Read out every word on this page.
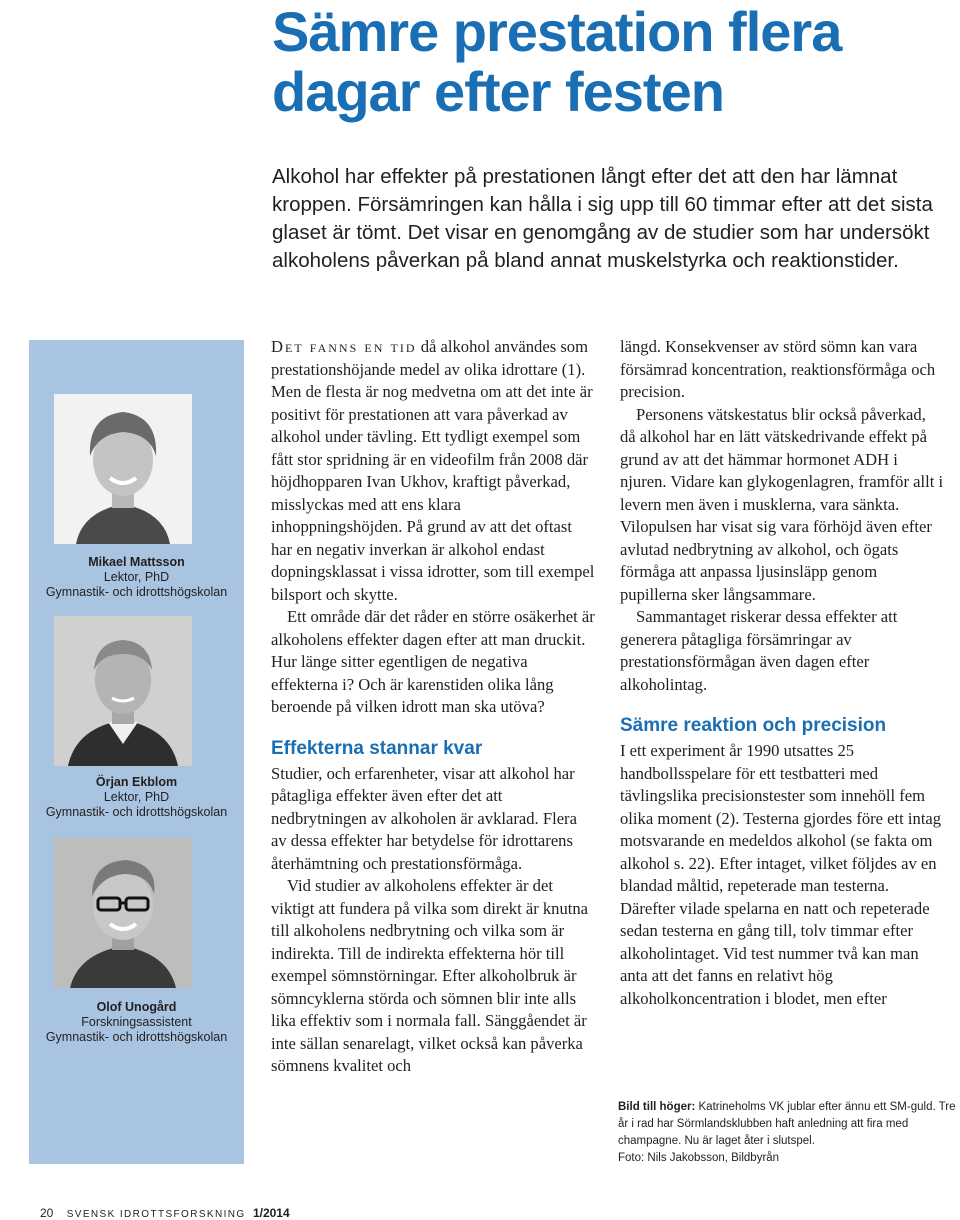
Sämre prestation flera
dagar efter festen

Alkohol har effekter på prestationen långt efter det att den har lämnat kroppen. Försämringen kan hålla i sig upp till 60 timmar efter att det sista glaset är tömt. Det visar en genomgång av de studier som har undersökt alkoholens påverkan på bland annat muskelstyrka och reaktionstider.

Mikael Mattsson
Lektor, PhD
Gymnastik- och idrottshögskolan
Örjan Ekblom
Lektor, PhD
Gymnastik- och idrottshögskolan
Olof Unogård
Forskningsassistent
Gymnastik- och idrottshögskolan

Det fanns en tid då alkohol användes som prestationshöjande medel av olika idrottare (1). Men de flesta är nog medvetna om att det inte är positivt för prestationen att vara påverkad av alkohol under tävling. Ett tydligt exempel som fått stor spridning är en videofilm från 2008 där höjdhopparen Ivan Ukhov, kraftigt påverkad, misslyckas med att ens klara inhoppningshöjden. På grund av att det oftast har en negativ inverkan är alkohol endast dopningsklassat i vissa idrotter, som till exempel bilsport och skytte.

Ett område där det råder en större osäkerhet är alkoholens effekter dagen efter att man druckit. Hur länge sitter egentligen de negativa effekterna i? Och är karenstiden olika lång beroende på vilken idrott man ska utöva?

Effekterna stannar kvar

Studier, och erfarenheter, visar att alkohol har påtagliga effekter även efter det att nedbrytningen av alkoholen är avklarad. Flera av dessa effekter har betydelse för idrottarens återhämtning och prestationsförmåga.

Vid studier av alkoholens effekter är det viktigt att fundera på vilka som direkt är knutna till alkoholens nedbrytning och vilka som är indirekta. Till de indirekta effekterna hör till exempel sömnstörningar. Efter alkoholbruk är sömncyklerna störda och sömnen blir inte alls lika effektiv som i normala fall. Sänggåendet är inte sällan senarelagt, vilket också kan påverka sömnens kvalitet och

längd. Konsekvenser av störd sömn kan vara försämrad koncentration, reaktionsförmåga och precision.

Personens vätskestatus blir också påverkad, då alkohol har en lätt vätskedrivande effekt på grund av att det hämmar hormonet ADH i njuren. Vidare kan glykogenlagren, framför allt i levern men även i musklerna, vara sänkta. Vilopulsen har visat sig vara förhöjd även efter avlutad nedbrytning av alkohol, och ögats förmåga att anpassa ljusinsläpp genom pupillerna sker långsammare.

Sammantaget riskerar dessa effekter att generera påtagliga försämringar av prestationsförmågan även dagen efter alkoholintag.

Sämre reaktion och precision

I ett experiment år 1990 utsattes 25 handbollsspelare för ett testbatteri med tävlingslika precisionstester som innehöll fem olika moment (2). Testerna gjordes före ett intag motsvarande en medeldos alkohol (se fakta om alkohol s. 22). Efter intaget, vilket följdes av en blandad måltid, repeterade man testerna. Därefter vilade spelarna en natt och repeterade sedan testerna en gång till, tolv timmar efter alkoholintaget. Vid test nummer två kan man anta att det fanns en relativt hög alkoholkoncentration i blodet, men efter

Bild till höger: Katrineholms VK jublar efter ännu ett SM-guld. Tre år i rad har Sörmlandsklubben haft anledning att fira med champagne. Nu är laget åter i slutspel.
Foto: Nils Jakobsson, Bildbyrån
20 SVENSK IDROTTSFORSKNING 1/2014
